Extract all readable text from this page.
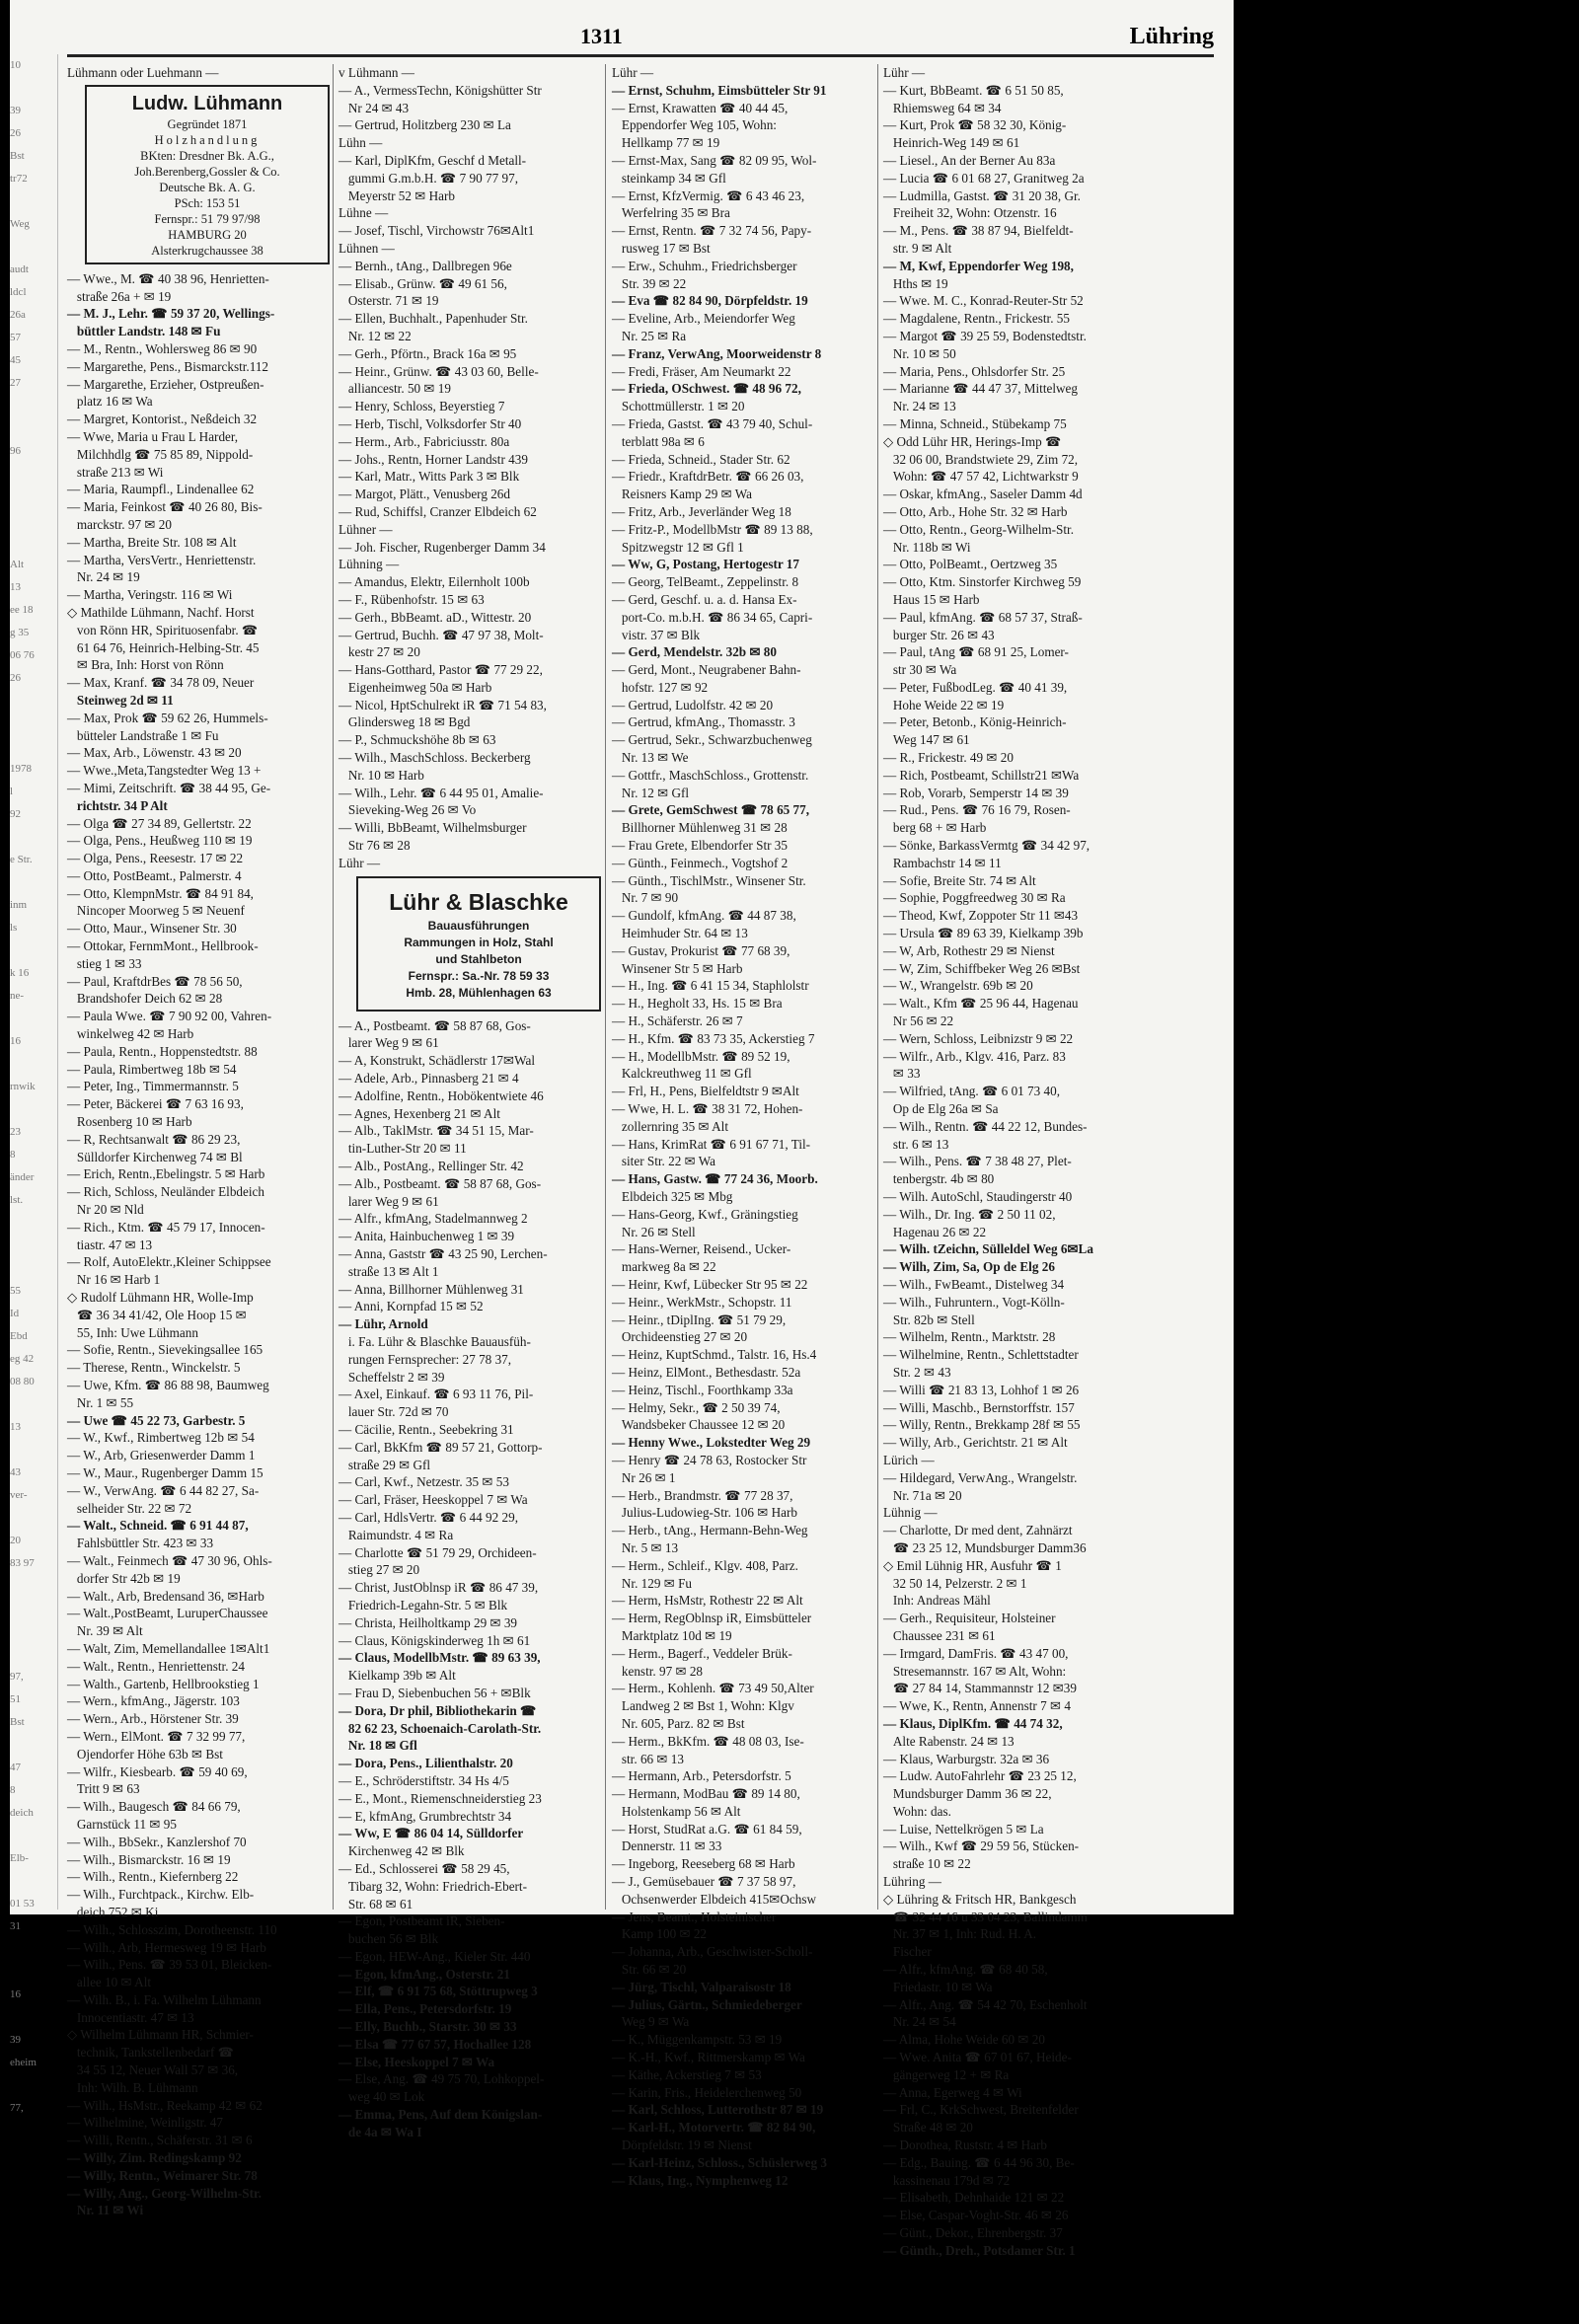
10

39
26
Bst
tr72

Weg

audt
ldcl
26a
57
45
27

96

Alt
13
ee 18
g 35
06 76
26

1978
l
92

e Str.

inm
ls

k 16
ne-

16

rnwik

23
8
änder
lst.

55
Id
Ebd
eg 42
08 80

13

43
ver-

20
83 97

97,
51
Bst

47
8
deich

Elb-

01 53
31

16

39
eheim

77,

1311	Lühring
Lühmann oder Luehmann —
Ludw. Lühmann
Gegründet 1871
Holzhandlung
BKten: Dresdner Bk. A.G.,
Joh.Berenberg,Gossler & Co.
Deutsche Bk. A. G.
PSch: 153 51
Fernspr.: 51 79 97/98
HAMBURG 20
Alsterkrugchaussee 38
— Wwe., M. ☎ 40 38 96, Henrietten-
straße 26a + ✉ 19
— M. J., Lehr. ☎ 59 37 20, Wellings-
büttler Landstr. 148 ✉ Fu
— M., Rentn., Wohlersweg 86 ✉ 90
— Margarethe, Pens., Bismarckstr.112
— Margarethe, Erzieher, Ostpreußen-
platz 16 ✉ Wa
— Margret, Kontorist., Neßdeich 32
— Wwe, Maria u Frau L Harder,
Milchhdlg ☎ 75 85 89, Nippold-
straße 213 ✉ Wi
— Maria, Raumpfl., Lindenallee 62
— Maria, Feinkost ☎ 40 26 80, Bis-
marckstr. 97 ✉ 20
— Martha, Breite Str. 108 ✉ Alt
— Martha, VersVertr., Henriettenstr.
Nr. 24 ✉ 19
— Martha, Veringstr. 116 ✉ Wi
◇ Mathilde Lühmann, Nachf. Horst
von Rönn HR, Spirituosenfabr. ☎
61 64 76, Heinrich-Helbing-Str. 45
✉ Bra, Inh: Horst von Rönn
— Max, Kranf. ☎ 34 78 09, Neuer
Steinweg 2d ✉ 11
— Max, Prok ☎ 59 62 26, Hummels-
bütteler Landstraße 1 ✉ Fu
— Max, Arb., Löwenstr. 43 ✉ 20
— Wwe.,Meta,Tangstedter Weg 13 +
— Mimi, Zeitschrift. ☎ 38 44 95, Ge-
richtstr. 34 P Alt
— Olga ☎ 27 34 89, Gellertstr. 22
— Olga, Pens., Heußweg 110 ✉ 19
— Olga, Pens., Reesestr. 17 ✉ 22
— Otto, PostBeamt., Palmerstr. 4
— Otto, KlempnMstr. ☎ 84 91 84,
Nincoper Moorweg 5 ✉ Neuenf
— Otto, Maur., Winsener Str. 30
— Ottokar, FernmMont., Hellbrook-
stieg 1 ✉ 33
— Paul, KraftdrBes ☎ 78 56 50,
Brandshofer Deich 62 ✉ 28
— Paula Wwe. ☎ 7 90 92 00, Vahren-
winkelweg 42 ✉ Harb
— Paula, Rentn., Hoppenstedtstr. 88
— Paula, Rimbertweg 18b ✉ 54
— Peter, Ing., Timmermannstr. 5
— Peter, Bäckerei ☎ 7 63 16 93,
Rosenberg 10 ✉ Harb
— R, Rechtsanwalt ☎ 86 29 23,
Sülldorfer Kirchenweg 74 ✉ Bl
— Erich, Rentn.,Ebelingstr. 5 ✉ Harb
— Rich, Schloss, Neuländer Elbdeich
Nr 20 ✉ Nld
— Rich., Ktm. ☎ 45 79 17, Innocen-
tiastr. 47 ✉ 13
— Rolf, AutoElektr.,Kleiner Schippsee
Nr 16 ✉ Harb 1
◇ Rudolf Lühmann HR, Wolle-Imp
☎ 36 34 41/42, Ole Hoop 15 ✉
55, Inh: Uwe Lühmann
— Sofie, Rentn., Sievekingsallee 165
— Therese, Rentn., Winckelstr. 5
— Uwe, Kfm. ☎ 86 88 98, Baumweg
Nr. 1 ✉ 55
— Uwe ☎ 45 22 73, Garbestr. 5
— W., Kwf., Rimbertweg 12b ✉ 54
— W., Arb, Griesenwerder Damm 1
— W., Maur., Rugenberger Damm 15
— W., VerwAng. ☎ 6 44 82 27, Sa-
selheider Str. 22 ✉ 72
— Walt., Schneid. ☎ 6 91 44 87,
Fahlsbüttler Str. 423 ✉ 33
— Walt., Feinmech ☎ 47 30 96, Ohls-
dorfer Str 42b ✉ 19
— Walt., Arb, Bredensand 36, ✉Harb
— Walt.,PostBeamt, LuruperChaussee
Nr. 39 ✉ Alt
— Walt, Zim, Memellandallee 1✉Alt1
— Walt., Rentn., Henriettenstr. 24
— Walth., Gartenb, Hellbrookstieg 1
— Wern., kfmAng., Jägerstr. 103
— Wern., Arb., Hörstener Str. 39
— Wern., ElMont. ☎ 7 32 99 77,
Ojendorfer Höhe 63b ✉ Bst
— Wilfr., Kiesbearb. ☎ 59 40 69,
Tritt 9 ✉ 63
— Wilh., Baugesch ☎ 84 66 79,
Garnstück 11 ✉ 95
— Wilh., BbSekr., Kanzlershof 70
— Wilh., Bismarckstr. 16 ✉ 19
— Wilh., Rentn., Kiefernberg 22
— Wilh., Furchtpack., Kirchw. Elb-
deich 752 ✉ Ki
— Wilh., Schlosszim, Dorotheenstr. 110
— Wilh., Arb, Hermesweg 19 ✉ Harb
— Wilh., Pens. ☎ 39 53 01, Bleicken-
allee 10 ✉ Alt
— Wilh. B., i. Fa. Wilhelm Lühmann
Innocentiastr. 47 ✉ 13
◇ Wilhelm Lühmann HR, Schmier-
technik, Tankstellenbedarf ☎
34 55 12, Neuer Wall 57 ✉ 36,
Inh: Wilh. B. Lühmann
— Wilh., HsMstr., Reekamp 42 ✉ 62
— Wilhelmine, Weinligstr. 47
— Willi, Rentn., Schäferstr. 31 ✉ 6
— Willy, Zim. Redingskamp 92
— Willy, Rentn., Weimarer Str. 78
— Willy, Ang., Georg-Wilhelm-Str.
Nr. 11 ✉ Wi
v Lühmann —
— A., VermessTechn, Königshütter Str
Nr 24 ✉ 43
— Gertrud, Holitzberg 230 ✉ La
Lühn —
— Karl, DiplKfm, Geschf d Metall-
gummi G.m.b.H. ☎ 7 90 77 97,
Meyerstr 52 ✉ Harb
Lühne —
— Josef, Tischl, Virchowstr 76✉Alt1
Lühnen —
— Bernh., tAng., Dallbregen 96e
— Elisab., Grünw. ☎ 49 61 56,
Osterstr. 71 ✉ 19
— Ellen, Buchhalt., Papenhuder Str.
Nr. 12 ✉ 22
— Gerh., Pförtn., Brack 16a ✉ 95
— Heinr., Grünw. ☎ 43 03 60, Belle-
alliancestr. 50 ✉ 19
— Henry, Schloss, Beyerstieg 7
— Herb, Tischl, Volksdorfer Str 40
— Herm., Arb., Fabriciusstr. 80a
— Johs., Rentn, Horner Landstr 439
— Karl, Matr., Witts Park 3 ✉ Blk
— Margot, Plätt., Venusberg 26d
— Rud, Schiffsl, Cranzer Elbdeich 62
Lühner —
— Joh. Fischer, Rugenberger Damm 34
Lühning —
— Amandus, Elektr, Eilernholt 100b
— F., Rübenhofstr. 15 ✉ 63
— Gerh., BbBeamt. aD., Wittestr. 20
— Gertrud, Buchh. ☎ 47 97 38, Molt-
kestr 27 ✉ 20
— Hans-Gotthard, Pastor ☎ 77 29 22,
Eigenheimweg 50a ✉ Harb
— Nicol, HptSchulrekt iR ☎ 71 54 83,
Glindersweg 18 ✉ Bgd
— P., Schmuckshöhe 8b ✉ 63
— Wilh., MaschSchloss. Beckerberg
Nr. 10 ✉ Harb
— Wilh., Lehr. ☎ 6 44 95 01, Amalie-
Sieveking-Weg 26 ✉ Vo
— Willi, BbBeamt, Wilhelmsburger
Str 76 ✉ 28
Lühr —
Lühr & Blaschke
Bauausführungen
Rammungen in Holz, Stahl
und Stahlbeton
Fernspr.: Sa.-Nr. 78 59 33
Hmb. 28, Mühlenhagen 63
— A., Postbeamt. ☎ 58 87 68, Gos-
larer Weg 9 ✉ 61
— A, Konstrukt, Schädlerstr 17✉Wal
— Adele, Arb., Pinnasberg 21 ✉ 4
— Adolfine, Rentn., Hobökentwiete 46
— Agnes, Hexenberg 21 ✉ Alt
— Alb., TaklMstr. ☎ 34 51 15, Mar-
tin-Luther-Str 20 ✉ 11
— Alb., PostAng., Rellinger Str. 42
— Alb., Postbeamt. ☎ 58 87 68, Gos-
larer Weg 9 ✉ 61
— Alfr., kfmAng, Stadelmannweg 2
— Anita, Hainbuchenweg 1 ✉ 39
— Anna, Gaststr ☎ 43 25 90, Lerchen-
straße 13 ✉ Alt 1
— Anna, Billhorner Mühlenweg 31
— Anni, Kornpfad 15 ✉ 52
— Lühr, Arnold
i. Fa. Lühr & Blaschke Bauausfüh-
rungen Fernsprecher: 27 78 37,
Scheffelstr 2 ✉ 39
— Axel, Einkauf. ☎ 6 93 11 76, Pil-
lauer Str. 72d ✉ 70
— Cäcilie, Rentn., Seebekring 31
— Carl, BkKfm ☎ 89 57 21, Gottorp-
straße 29 ✉ Gfl
— Carl, Kwf., Netzestr. 35 ✉ 53
— Carl, Fräser, Heeskoppel 7 ✉ Wa
— Carl, HdlsVertr. ☎ 6 44 92 29,
Raimundstr. 4 ✉ Ra
— Charlotte ☎ 51 79 29, Orchideen-
stieg 27 ✉ 20
— Christ, JustOblnsp iR ☎ 86 47 39,
Friedrich-Legahn-Str. 5 ✉ Blk
— Christa, Heilholtkamp 29 ✉ 39
— Claus, Königskinderweg 1h ✉ 61
— Claus, ModellbMstr. ☎ 89 63 39,
Kielkamp 39b ✉ Alt
— Frau D, Siebenbuchen 56 + ✉Blk
— Dora, Dr phil, Bibliothekarin ☎
82 62 23, Schoenaich-Carolath-Str.
Nr. 18 ✉ Gfl
— Dora, Pens., Lilienthalstr. 20
— E., Schröderstiftstr. 34 Hs 4/5
— E., Mont., Riemenschneiderstieg 23
— E, kfmAng, Grumbrechtstr 34
— Ww, E ☎ 86 04 14, Sülldorfer
Kirchenweg 42 ✉ Blk
— Ed., Schlosserei ☎ 58 29 45,
Tibarg 32, Wohn: Friedrich-Ebert-
Str. 68 ✉ 61
— Egon, Postbeamt iR, Sieben-
buchen 56 ✉ Blk
— Egon, HEW-Ang., Kieler Str. 440
— Egon, kfmAng., Osterstr. 21
— Elf, ☎ 6 91 75 68, Stöttrupweg 3
— Ella, Pens., Petersdorfstr. 19
— Elly, Buchb., Starstr. 30 ✉ 33
— Elsa ☎ 77 67 57, Hochallee 128
— Else, Heeskoppel 7 ✉ Wa
— Else, Ang. ☎ 49 75 70, Lohkoppel-
weg 40 ✉ Lok
— Emma, Pens, Auf dem Königslan-
de 4a ✉ Wa I
Lühr —
— Ernst, Schuhm, Eimsbütteler Str 91
— Ernst, Krawatten ☎ 40 44 45,
Eppendorfer Weg 105, Wohn:
Hellkamp 77 ✉ 19
— Ernst-Max, Sang ☎ 82 09 95, Wol-
steinkamp 34 ✉ Gfl
— Ernst, KfzVermig. ☎ 6 43 46 23,
Werfelring 35 ✉ Bra
— Ernst, Rentn. ☎ 7 32 74 56, Papy-
rusweg 17 ✉ Bst
— Erw., Schuhm., Friedrichsberger
Str. 39 ✉ 22
— Eva ☎ 82 84 90, Dörpfeldstr. 19
— Eveline, Arb., Meiendorfer Weg
Nr. 25 ✉ Ra
— Franz, VerwAng, Moorweidenstr 8
— Fredi, Fräser, Am Neumarkt 22
— Frieda, OSchwest. ☎ 48 96 72,
Schottmüllerstr. 1 ✉ 20
— Frieda, Gastst. ☎ 43 79 40, Schul-
terblatt 98a ✉ 6
— Frieda, Schneid., Stader Str. 62
— Friedr., KraftdrBetr. ☎ 66 26 03,
Reisners Kamp 29 ✉ Wa
— Fritz, Arb., Jeverländer Weg 18
— Fritz-P., ModellbMstr ☎ 89 13 88,
Spitzwegstr 12 ✉ Gfl 1
— Ww, G, Postang, Hertogestr 17
— Georg, TelBeamt., Zeppelinstr. 8
— Gerd, Geschf. u. a. d. Hansa Ex-
port-Co. m.b.H. ☎ 86 34 65, Capri-
vistr. 37 ✉ Blk
— Gerd, Mendelstr. 32b ✉ 80
— Gerd, Mont., Neugrabener Bahn-
hofstr. 127 ✉ 92
— Gertrud, Ludolfstr. 42 ✉ 20
— Gertrud, kfmAng., Thomasstr. 3
— Gertrud, Sekr., Schwarzbuchenweg
Nr. 13 ✉ We
— Gottfr., MaschSchloss., Grottenstr.
Nr. 12 ✉ Gfl
— Grete, GemSchwest ☎ 78 65 77,
Billhorner Mühlenweg 31 ✉ 28
— Frau Grete, Elbendorfer Str 35
— Günth., Feinmech., Vogtshof 2
— Günth., TischlMstr., Winsener Str.
Nr. 7 ✉ 90
— Gundolf, kfmAng. ☎ 44 87 38,
Heimhuder Str. 64 ✉ 13
— Gustav, Prokurist ☎ 77 68 39,
Winsener Str 5 ✉ Harb
— H., Ing. ☎ 6 41 15 34, Staphlolstr
— H., Hegholt 33, Hs. 15 ✉ Bra
— H., Schäferstr. 26 ✉ 7
— H., Kfm. ☎ 83 73 35, Ackerstieg 7
— H., ModellbMstr. ☎ 89 52 19,
Kalckreuthweg 11 ✉ Gfl
— Frl, H., Pens, Bielfeldtstr 9 ✉Alt
— Wwe, H. L. ☎ 38 31 72, Hohen-
zollernring 35 ✉ Alt
— Hans, KrimRat ☎ 6 91 67 71, Til-
siter Str. 22 ✉ Wa
— Hans, Gastw. ☎ 77 24 36, Moorb.
Elbdeich 325 ✉ Mbg
— Hans-Georg, Kwf., Gräningstieg
Nr. 26 ✉ Stell
— Hans-Werner, Reisend., Ucker-
markweg 8a ✉ 22
— Heinr, Kwf, Lübecker Str 95 ✉ 22
— Heinr., WerkMstr., Schopstr. 11
— Heinr., tDiplIng. ☎ 51 79 29,
Orchideenstieg 27 ✉ 20
— Heinz, KuptSchmd., Talstr. 16, Hs.4
— Heinz, ElMont., Bethesdastr. 52a
— Heinz, Tischl., Foorthkamp 33a
— Helmy, Sekr., ☎ 2 50 39 74,
Wandsbeker Chaussee 12 ✉ 20
— Henny Wwe., Lokstedter Weg 29
— Henry ☎ 24 78 63, Rostocker Str
Nr 26 ✉ 1
— Herb., Brandmstr. ☎ 77 28 37,
Julius-Ludowieg-Str. 106 ✉ Harb
— Herb., tAng., Hermann-Behn-Weg
Nr. 5 ✉ 13
— Herm., Schleif., Klgv. 408, Parz.
Nr. 129 ✉ Fu
— Herm, HsMstr, Rothestr 22 ✉ Alt
— Herm, RegOblnsp iR, Eimsbütteler
Marktplatz 10d ✉ 19
— Herm., Bagerf., Veddeler Brük-
kenstr. 97 ✉ 28
— Herm., Kohlenh. ☎ 73 49 50,Alter
Landweg 2 ✉ Bst 1, Wohn: Klgv
Nr. 605, Parz. 82 ✉ Bst
— Herm., BkKfm. ☎ 48 08 03, Ise-
str. 66 ✉ 13
— Hermann, Arb., Petersdorfstr. 5
— Hermann, ModBau ☎ 89 14 80,
Holstenkamp 56 ✉ Alt
— Horst, StudRat a.G. ☎ 61 84 59,
Dennerstr. 11 ✉ 33
— Ingeborg, Reeseberg 68 ✉ Harb
— J., Gemüsebauer ☎ 7 37 58 97,
Ochsenwerder Elbdeich 415✉Ochsw
— Jens, Beamt., Holsteinischer
Kamp 100 ✉ 22
— Johanna, Arb., Geschwister-Scholl-
Str. 66 ✉ 20
— Jürg, Tischl, Valparaisostr 18
— Julius, Gärtn., Schmiedeberger
Weg 9 ✉ Wa
— K., Müggenkampstr. 53 ✉ 19
— K.-H., Kwf., Rittmerskamp ✉ Wa
— Käthe, Ackerstieg 7 ✉ 53
— Karin, Fris., Heidelerchenweg 50
— Karl, Schloss, Lutterothstr 87 ✉ 19
— Karl-H., Motorvertr. ☎ 82 84 90,
Dörpfeldstr. 19 ✉ Nienst
— Karl-Heinz, Schloss., Schüslerweg 3
— Klaus, Ing., Nymphenweg 12
Lühr —
— Kurt, BbBeamt. ☎ 6 51 50 85,
Rhiemsweg 64 ✉ 34
— Kurt, Prok ☎ 58 32 30, König-
Heinrich-Weg 149 ✉ 61
— Liesel., An der Berner Au 83a
— Lucia ☎ 6 01 68 27, Granitweg 2a
— Ludmilla, Gastst. ☎ 31 20 38, Gr.
Freiheit 32, Wohn: Otzenstr. 16
— M., Pens. ☎ 38 87 94, Bielfeldt-
str. 9 ✉ Alt
— M, Kwf, Eppendorfer Weg 198,
Hths ✉ 19
— Wwe. M. C., Konrad-Reuter-Str 52
— Magdalene, Rentn., Frickestr. 55
— Margot ☎ 39 25 59, Bodenstedtstr.
Nr. 10 ✉ 50
— Maria, Pens., Ohlsdorfer Str. 25
— Marianne ☎ 44 47 37, Mittelweg
Nr. 24 ✉ 13
— Minna, Schneid., Stübekamp 75
◇ Odd Lühr HR, Herings-Imp ☎
32 06 00, Brandstwiete 29, Zim 72,
Wohn: ☎ 47 57 42, Lichtwarkstr 9
— Oskar, kfmAng., Saseler Damm 4d
— Otto, Arb., Hohe Str. 32 ✉ Harb
— Otto, Rentn., Georg-Wilhelm-Str.
Nr. 118b ✉ Wi
— Otto, PolBeamt., Oertzweg 35
— Otto, Ktm. Sinstorfer Kirchweg 59
Haus 15 ✉ Harb
— Paul, kfmAng. ☎ 68 57 37, Straß-
burger Str. 26 ✉ 43
— Paul, tAng ☎ 68 91 25, Lomer-
str 30 ✉ Wa
— Peter, FußbodLeg. ☎ 40 41 39,
Hohe Weide 22 ✉ 19
— Peter, Betonb., König-Heinrich-
Weg 147 ✉ 61
— R., Frickestr. 49 ✉ 20
— Rich, Postbeamt, Schillstr21 ✉Wa
— Rob, Vorarb, Semperstr 14 ✉ 39
— Rud., Pens. ☎ 76 16 79, Rosen-
berg 68 + ✉ Harb
— Sönke, BarkassVermtg ☎ 34 42 97,
Rambachstr 14 ✉ 11
— Sofie, Breite Str. 74 ✉ Alt
— Sophie, Poggfreedweg 30 ✉ Ra
— Theod, Kwf, Zoppoter Str 11 ✉43
— Ursula ☎ 89 63 39, Kielkamp 39b
— W, Arb, Rothestr 29 ✉ Nienst
— W, Zim, Schiffbeker Weg 26 ✉Bst
— W., Wrangelstr. 69b ✉ 20
— Walt., Kfm ☎ 25 96 44, Hagenau
Nr 56 ✉ 22
— Wern, Schloss, Leibnizstr 9 ✉ 22
— Wilfr., Arb., Klgv. 416, Parz. 83
✉ 33
— Wilfried, tAng. ☎ 6 01 73 40,
Op de Elg 26a ✉ Sa
— Wilh., Rentn. ☎ 44 22 12, Bundes-
str. 6 ✉ 13
— Wilh., Pens. ☎ 7 38 48 27, Plet-
tenbergstr. 4b ✉ 80
— Wilh. AutoSchl, Staudingerstr 40
— Wilh., Dr. Ing. ☎ 2 50 11 02,
Hagenau 26 ✉ 22
— Wilh. tZeichn, Sülleldel Weg 6✉La
— Wilh, Zim, Sa, Op de Elg 26
— Wilh., FwBeamt., Distelweg 34
— Wilh., Fuhruntern., Vogt-Kölln-
Str. 82b ✉ Stell
— Wilhelm, Rentn., Marktstr. 28
— Wilhelmine, Rentn., Schlettstadter
Str. 2 ✉ 43
— Willi ☎ 21 83 13, Lohhof 1 ✉ 26
— Willi, Maschb., Bernstorffstr. 157
— Willy, Rentn., Brekkamp 28f ✉ 55
— Willy, Arb., Gerichtstr. 21 ✉ Alt
Lürich —
— Hildegard, VerwAng., Wrangelstr.
Nr. 71a ✉ 20
Lühnig —
— Charlotte, Dr med dent, Zahnärzt
☎ 23 25 12, Mundsburger Damm36
◇ Emil Lühnig HR, Ausfuhr ☎ 1
32 50 14, Pelzerstr. 2 ✉ 1
Inh: Andreas Mähl
— Gerh., Requisiteur, Holsteiner
Chaussee 231 ✉ 61
— Irmgard, DamFris. ☎ 43 47 00,
Stresemannstr. 167 ✉ Alt, Wohn:
☎ 27 84 14, Stammannstr 12 ✉39
— Wwe, K., Rentn, Annenstr 7 ✉ 4
— Klaus, DiplKfm. ☎ 44 74 32,
Alte Rabenstr. 24 ✉ 13
— Klaus, Warburgstr. 32a ✉ 36
— Ludw. AutoFahrlehr ☎ 23 25 12,
Mundsburger Damm 36 ✉ 22,
Wohn: das.
— Luise, Nettelkrögen 5 ✉ La
— Wilh., Kwf ☎ 29 59 56, Stücken-
straße 10 ✉ 22
Lühring —
◇ Lühring & Fritsch HR, Bankgesch
☎ 32 44 16 u 33 04 23, Ballindamm
Nr. 37 ✉ 1, Inh: Rud. H. A.
Fischer
— Alfr., kfmAng. ☎ 68 40 58,
Friedastr. 10 ✉ Wa
— Alfr., Ang. ☎ 54 42 70, Eschenholt
Nr. 24 ✉ 54
— Alma, Hohe Weide 60 ✉ 20
— Wwe. Anita ☎ 67 01 67, Heide-
gängerweg 12 + ✉ Ra
— Anna, Egerweg 4 ✉ Wi
— Frl, C., KrkSchwest, Breitenfelder
Straße 48 ✉ 20
— Dorothea, Ruststr. 4 ✉ Harb
— Edg., Bauing. ☎ 6 44 96 30, Be-
kassinenau 179d ✉ 72
— Elisabeth, Dehnhaide 121 ✉ 22
— Else, Caspar-Voght-Str. 46 ✉ 26
— Günt., Dekor., Ehrenbergstr. 37
— Günth., Dreh., Potsdamer Str. 1
